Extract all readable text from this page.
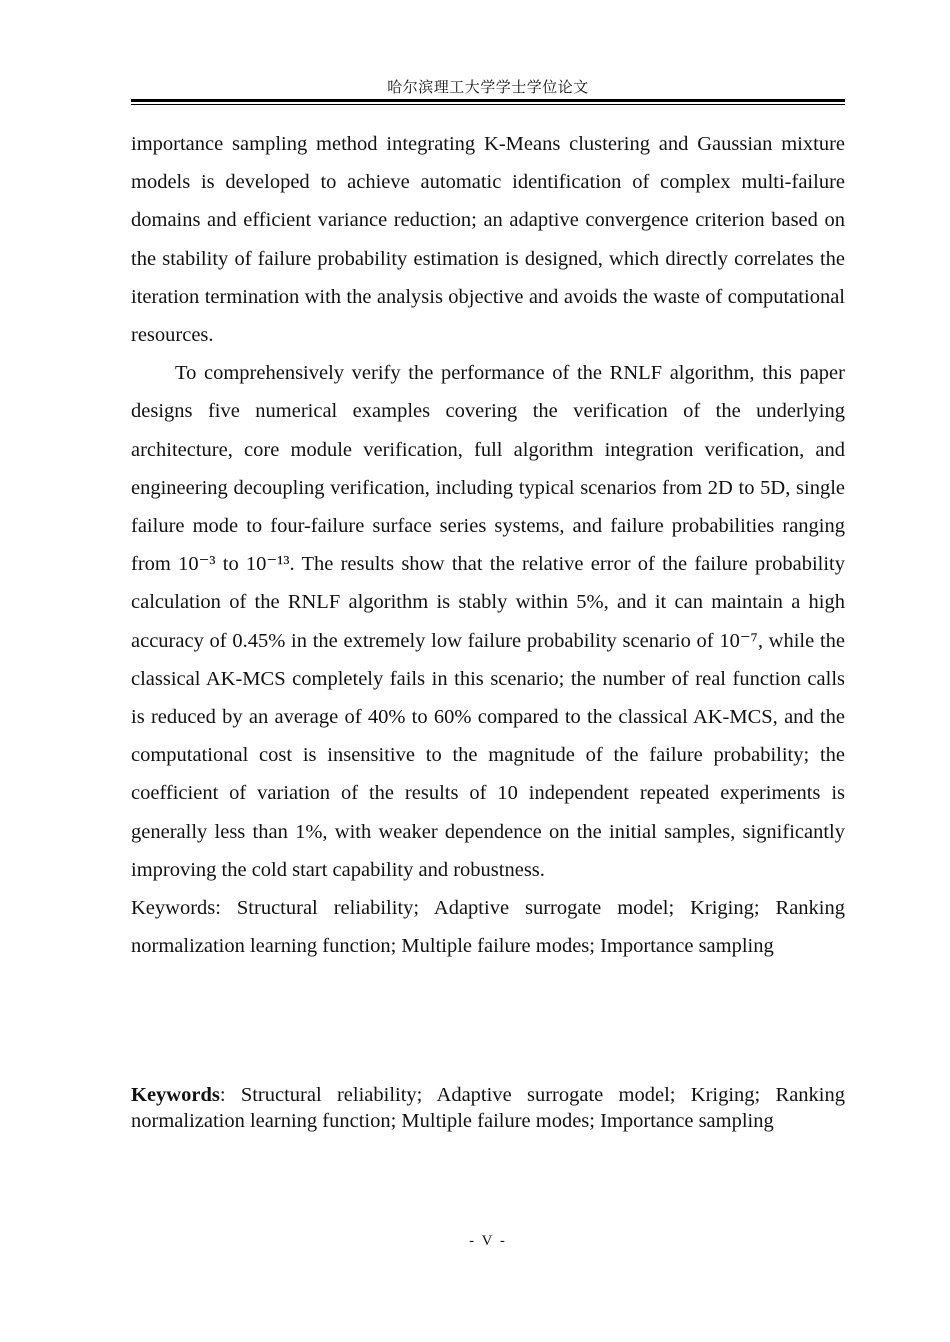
哈尔滨理工大学学士学位论文

importance sampling method integrating K-Means clustering and Gaussian mixture models is developed to achieve automatic identification of complex multi-failure domains and efficient variance reduction; an adaptive convergence criterion based on the stability of failure probability estimation is designed, which directly correlates the iteration termination with the analysis objective and avoids the waste of computational resources.

To comprehensively verify the performance of the RNLF algorithm, this paper designs five numerical examples covering the verification of the underlying architecture, core module verification, full algorithm integration verification, and engineering decoupling verification, including typical scenarios from 2D to 5D, single failure mode to four-failure surface series systems, and failure probabilities ranging from 10⁻³ to 10⁻¹³. The results show that the relative error of the failure probability calculation of the RNLF algorithm is stably within 5%, and it can maintain a high accuracy of 0.45% in the extremely low failure probability scenario of 10⁻⁷, while the classical AK-MCS completely fails in this scenario; the number of real function calls is reduced by an average of 40% to 60% compared to the classical AK-MCS, and the computational cost is insensitive to the magnitude of the failure probability; the coefficient of variation of the results of 10 independent repeated experiments is generally less than 1%, with weaker dependence on the initial samples, significantly improving the cold start capability and robustness.

Keywords: Structural reliability; Adaptive surrogate model; Kriging; Ranking normalization learning function; Multiple failure modes; Importance sampling

Keywords: Structural reliability; Adaptive surrogate model; Kriging; Ranking normalization learning function; Multiple failure modes; Importance sampling
- V -
